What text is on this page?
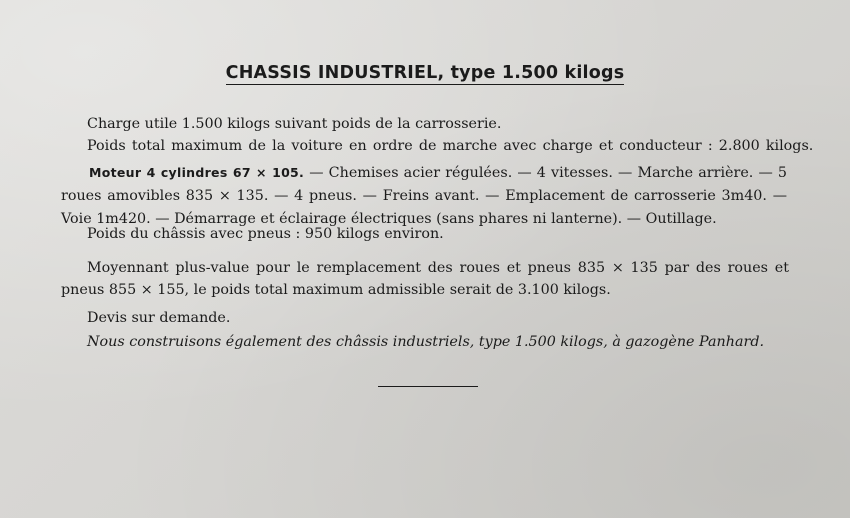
CHASSIS INDUSTRIEL, type 1.500 kilogs
Charge utile 1.500 kilogs suivant poids de la carrosserie.
Poids total maximum de la voiture en ordre de marche avec charge et conducteur : 2.800 kilogs.

Moteur 4 cylindres 67 × 105. — Chemises acier régulées. — 4 vitesses. — Marche arrière. — 5 roues amovibles 835 × 135. — 4 pneus. — Freins avant. — Emplacement de carrosserie 3m40. — Voie 1m420. — Démarrage et éclairage électriques (sans phares ni lanterne). — Outillage.

Poids du châssis avec pneus : 950 kilogs environ.

Moyennant plus-value pour le remplacement des roues et pneus 835 × 135 par des roues et pneus 855 × 155, le poids total maximum admissible serait de 3.100 kilogs.

Devis sur demande.
Nous construisons également des châssis industriels, type 1.500 kilogs, à gazogène Panhard.
